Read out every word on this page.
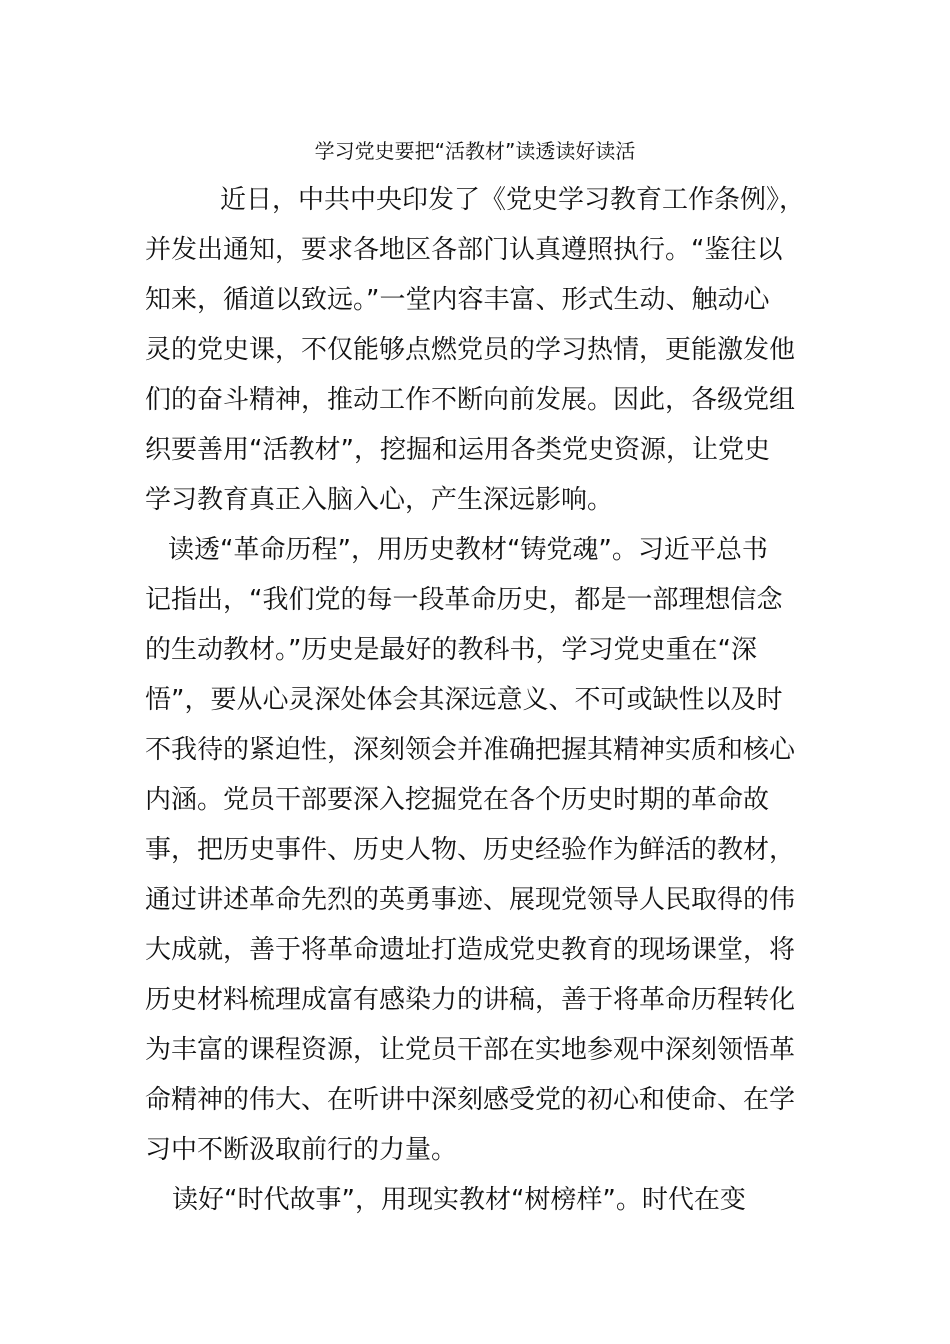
学习党史要把“活教材”读透读好读活
近日，中共中央印发了《党史学习教育工作条例》，
并发出通知，要求各地区各部门认真遵照执行。“鉴往以
知来，循道以致远。”一堂内容丰富、形式生动、触动心
灵的党史课，不仅能够点燃党员的学习热情，更能激发他
们的奋斗精神，推动工作不断向前发展。因此，各级党组
织要善用“活教材”，挖掘和运用各类党史资源，让党史
学习教育真正入脑入心，产生深远影响。
读透“革命历程”，用历史教材“铸党魂”。习近平总书
记指出，“我们党的每一段革命历史，都是一部理想信念
的生动教材。”历史是最好的教科书，学习党史重在“深
悟”，要从心灵深处体会其深远意义、不可或缺性以及时
不我待的紧迫性，深刻领会并准确把握其精神实质和核心
内涵。党员干部要深入挖掘党在各个历史时期的革命故
事，把历史事件、历史人物、历史经验作为鲜活的教材，
通过讲述革命先烈的英勇事迹、展现党领导人民取得的伟
大成就，善于将革命遗址打造成党史教育的现场课堂，将
历史材料梳理成富有感染力的讲稿，善于将革命历程转化
为丰富的课程资源，让党员干部在实地参观中深刻领悟革
命精神的伟大、在听讲中深刻感受党的初心和使命、在学
习中不断汲取前行的力量。
读好“时代故事”，用现实教材“树榜样”。时代在变
